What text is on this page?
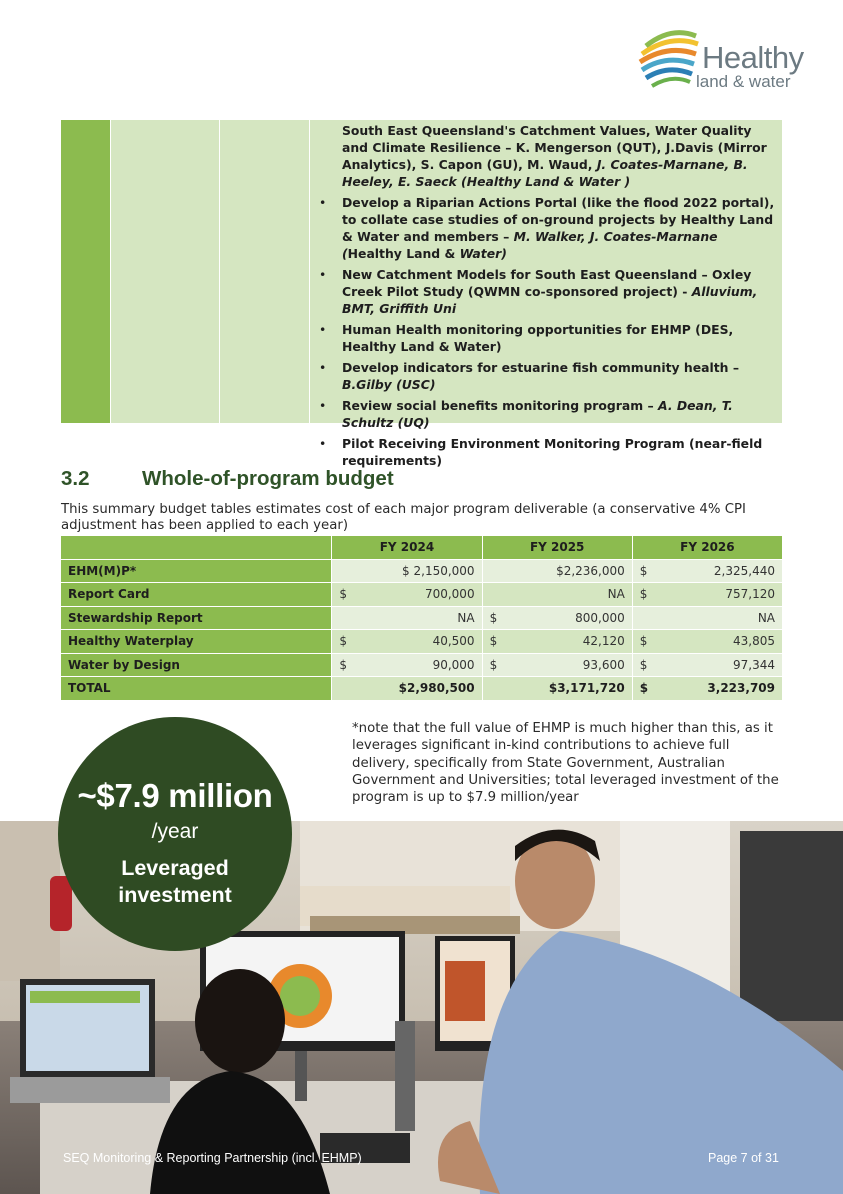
Healthy
land & water
South East Queensland's Catchment Values, Water Quality and Climate Resilience – K. Mengerson (QUT), J.Davis (Mirror Analytics), S. Capon (GU), M. Waud, J. Coates-Marnane, B. Heeley, E. Saeck (Healthy Land & Water )
• Develop a Riparian Actions Portal (like the flood 2022 portal), to collate case studies of on-ground projects by Healthy Land & Water and members – M. Walker, J. Coates-Marnane (Healthy Land & Water)
• New Catchment Models for South East Queensland – Oxley Creek Pilot Study (QWMN co-sponsored project) - Alluvium, BMT, Griffith Uni
• Human Health monitoring opportunities for EHMP (DES, Healthy Land & Water)
• Develop indicators for estuarine fish community health – B.Gilby (USC)
• Review social benefits monitoring program – A. Dean, T. Schultz (UQ)
• Pilot Receiving Environment Monitoring Program (near-field requirements)
3.2	Whole-of-program budget

This summary budget tables estimates cost of each major program deliverable (a conservative 4% CPI adjustment has been applied to each year)

	FY 2024	FY 2025	FY 2026
EHM(M)P*	$ 2,150,000	$2,236,000	$ 2,325,440

Report Card	$ 700,000	NA	$ 757,120

Stewardship Report	NA	$ 800,000	NA

Healthy Waterplay	$ 40,500	$ 42,120	$ 43,805

Water by Design	$ 90,000	$ 93,600	$ 97,344

TOTAL	$2,980,500	$3,171,720	$ 3,223,709

*note that the full value of EHMP is much higher than this, as it leverages significant in-kind contributions to achieve full delivery, specifically from State Government, Australian Government and Universities; total leveraged investment of the program is up to $7.9 million/year

~$7.9 million
/year
Leveraged
investment
SEQ Monitoring & Reporting Partnership (incl. EHMP)	Page 7 of 31
